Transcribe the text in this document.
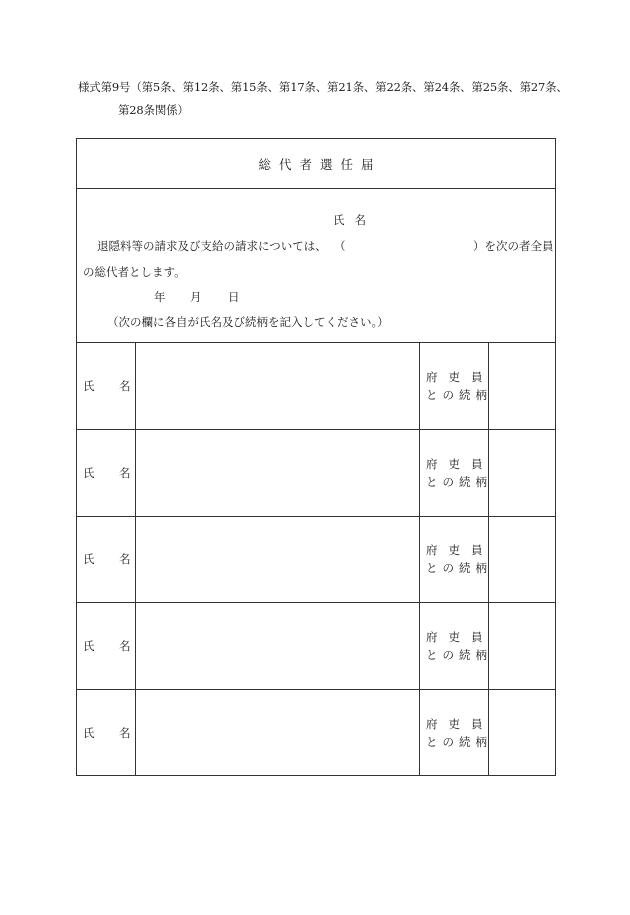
様式第9号（第5条、第12条、第15条、第17条、第21条、第22条、第24条、第25条、第27条、
第28条関係）
総代者選任届
氏名
退隠料等の請求及び支給の請求については、 （	）を次の者全員
の総代者とします。
年 月 日
（次の欄に各自が氏名及び続柄を記入してください。）
氏 名
府吏員
との続柄
氏 名
府吏員
との続柄
氏 名
府吏員
との続柄
氏 名
府吏員
との続柄
氏 名
府吏員
との続柄
